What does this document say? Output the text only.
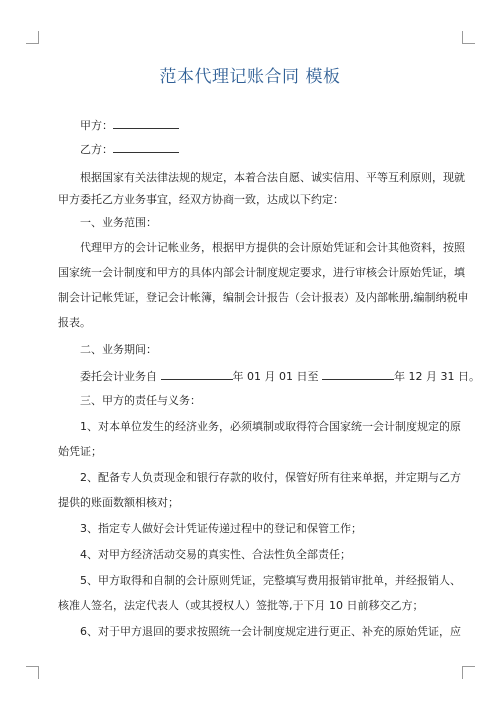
范本代理记账合同 模板
甲方：
乙方：
根据国家有关法律法规的规定，本着合法自愿、诚实信用、平等互利原则，现就
甲方委托乙方业务事宜，经双方协商一致，达成以下约定：
一、业务范围：
代理甲方的会计记帐业务，根据甲方提供的会计原始凭证和会计其他资料，按照
国家统一会计制度和甲方的具体内部会计制度规定要求，进行审核会计原始凭证，填
制会计记帐凭证，登记会计帐簿，编制会计报告（会计报表）及内部帐册,编制纳税申
报表。
二、业务期间：
委托会计业务自	年 01 月 01 日至	年 12 月 31 日。
三、甲方的责任与义务：
1、对本单位发生的经济业务，必须填制或取得符合国家统一会计制度规定的原
始凭证；
2、配备专人负责现金和银行存款的收付，保管好所有往来单据，并定期与乙方
提供的账面数额相核对；
3、指定专人做好会计凭证传递过程中的登记和保管工作；
4、对甲方经济活动交易的真实性、合法性负全部责任；
5、甲方取得和自制的会计原则凭证，完整填写费用报销审批单，并经报销人、
核准人签名，法定代表人（或其授权人）签批等,于下月 10 日前移交乙方；
6、对于甲方退回的要求按照统一会计制度规定进行更正、补充的原始凭证，应
